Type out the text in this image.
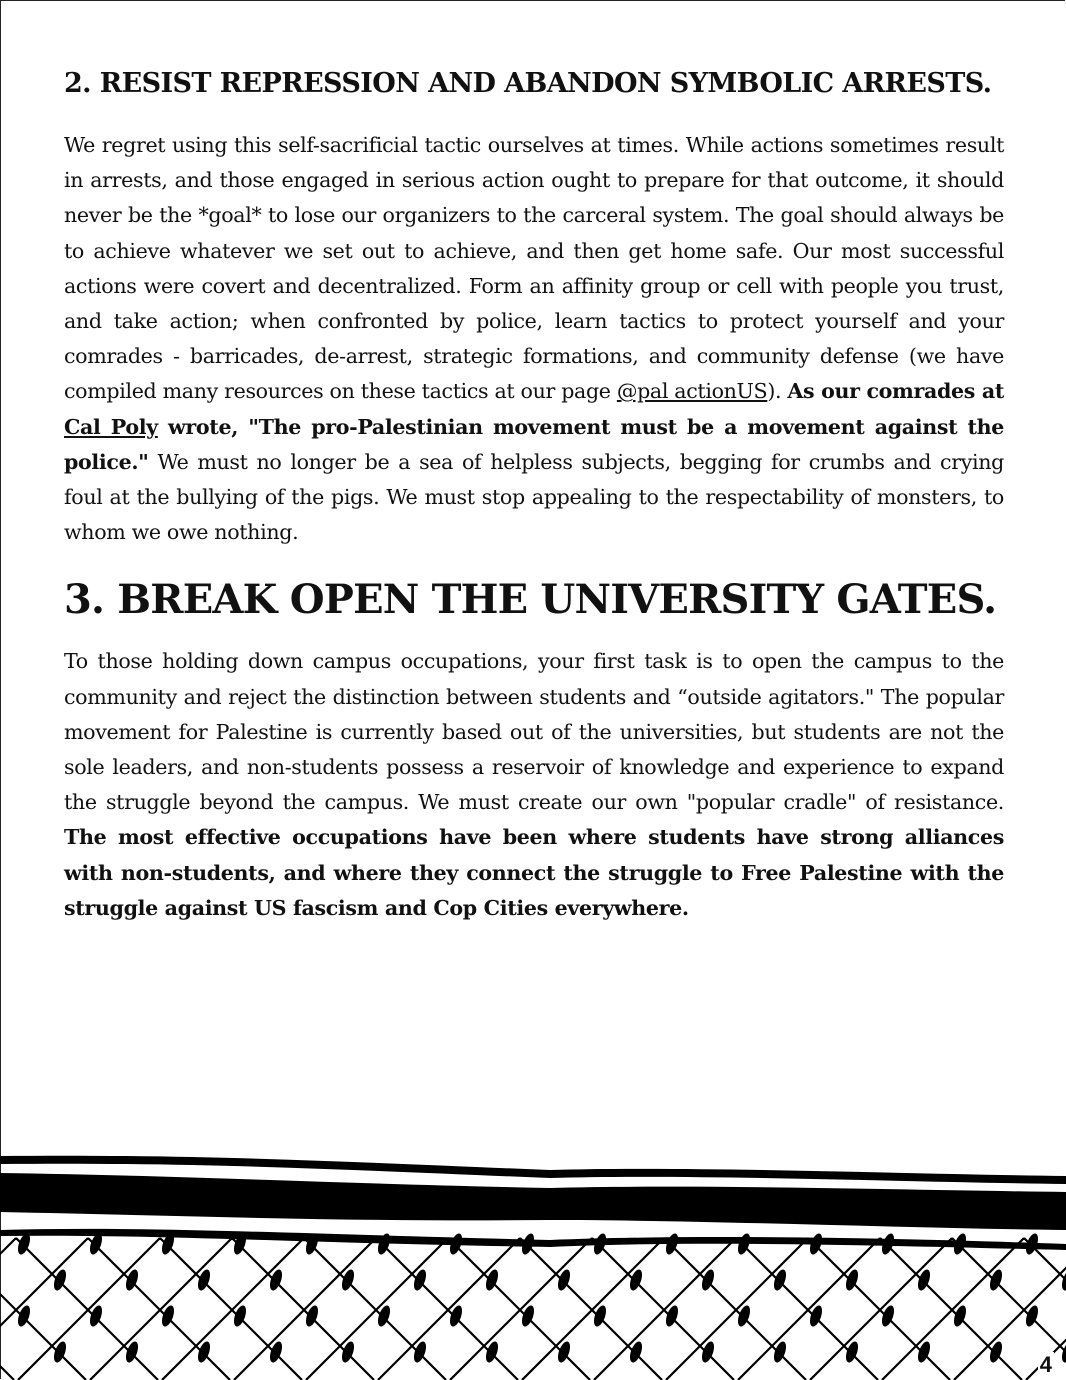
2. RESIST REPRESSION AND ABANDON SYMBOLIC ARRESTS.

We regret using this self-sacrificial tactic ourselves at times. While actions sometimes result in arrests, and those engaged in serious action ought to prepare for that outcome, it should never be the *goal* to lose our organizers to the carceral system. The goal should always be to achieve whatever we set out to achieve, and then get home safe. Our most successful actions were covert and decentralized. Form an affinity group or cell with people you trust, and take action; when confronted by police, learn tactics to protect yourself and your comrades - barricades, de-arrest, strategic formations, and community defense (we have compiled many resources on these tactics at our page @pal actionUS). As our comrades at Cal Poly wrote, "The pro-Palestinian movement must be a movement against the police." We must no longer be a sea of helpless subjects, begging for crumbs and crying foul at the bullying of the pigs. We must stop appealing to the respectability of monsters, to whom we owe nothing.

3. BREAK OPEN THE UNIVERSITY GATES.

To those holding down campus occupations, your first task is to open the campus to the community and reject the distinction between students and “outside agitators." The popular movement for Palestine is currently based out of the universities, but students are not the sole leaders, and non-students possess a reservoir of knowledge and experience to expand the struggle beyond the campus. We must create our own "popular cradle" of resistance. The most effective occupations have been where students have strong alliances with non-students, and where they connect the struggle to Free Palestine with the struggle against US fascism and Cop Cities everywhere.

4
